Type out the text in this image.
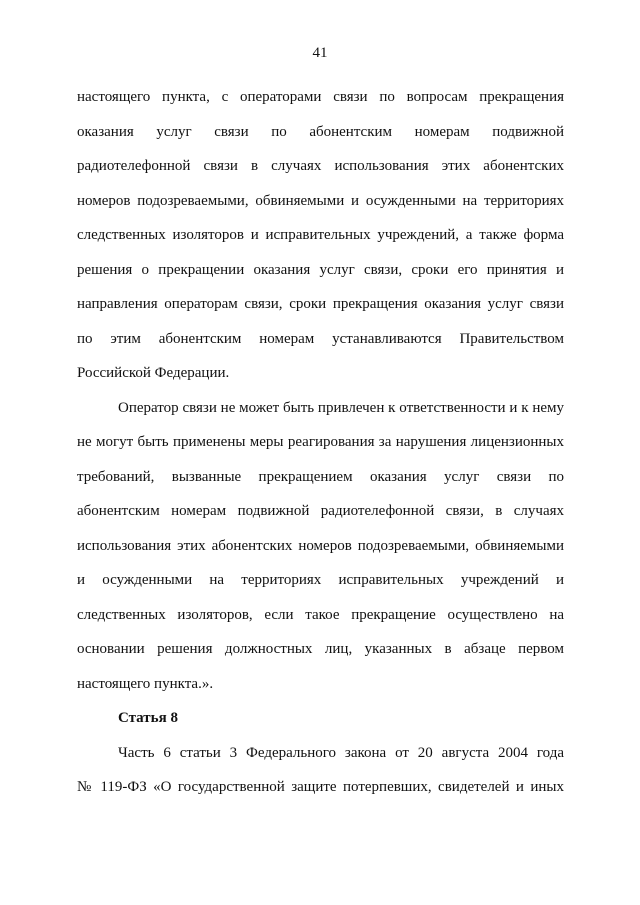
41
настоящего пункта, с операторами связи по вопросам прекращения
оказания услуг связи по абонентским номерам подвижной
радиотелефонной связи в случаях использования этих абонентских
номеров подозреваемыми, обвиняемыми и осужденными на территориях
следственных изоляторов и исправительных учреждений, а также форма
решения о прекращении оказания услуг связи, сроки его принятия и
направления операторам связи, сроки прекращения оказания услуг связи
по этим абонентским номерам устанавливаются Правительством
Российской Федерации.
Оператор связи не может быть привлечен к ответственности и к нему
не могут быть применены меры реагирования за нарушения лицензионных
требований, вызванные прекращением оказания услуг связи по
абонентским номерам подвижной радиотелефонной связи, в случаях
использования этих абонентских номеров подозреваемыми, обвиняемыми
и осужденными на территориях исправительных учреждений и
следственных изоляторов, если такое прекращение осуществлено на
основании решения должностных лиц, указанных в абзаце первом
настоящего пункта.».
Статья 8
Часть 6 статьи 3 Федерального закона от 20 августа 2004 года
№ 119-ФЗ «О государственной защите потерпевших, свидетелей и иных
